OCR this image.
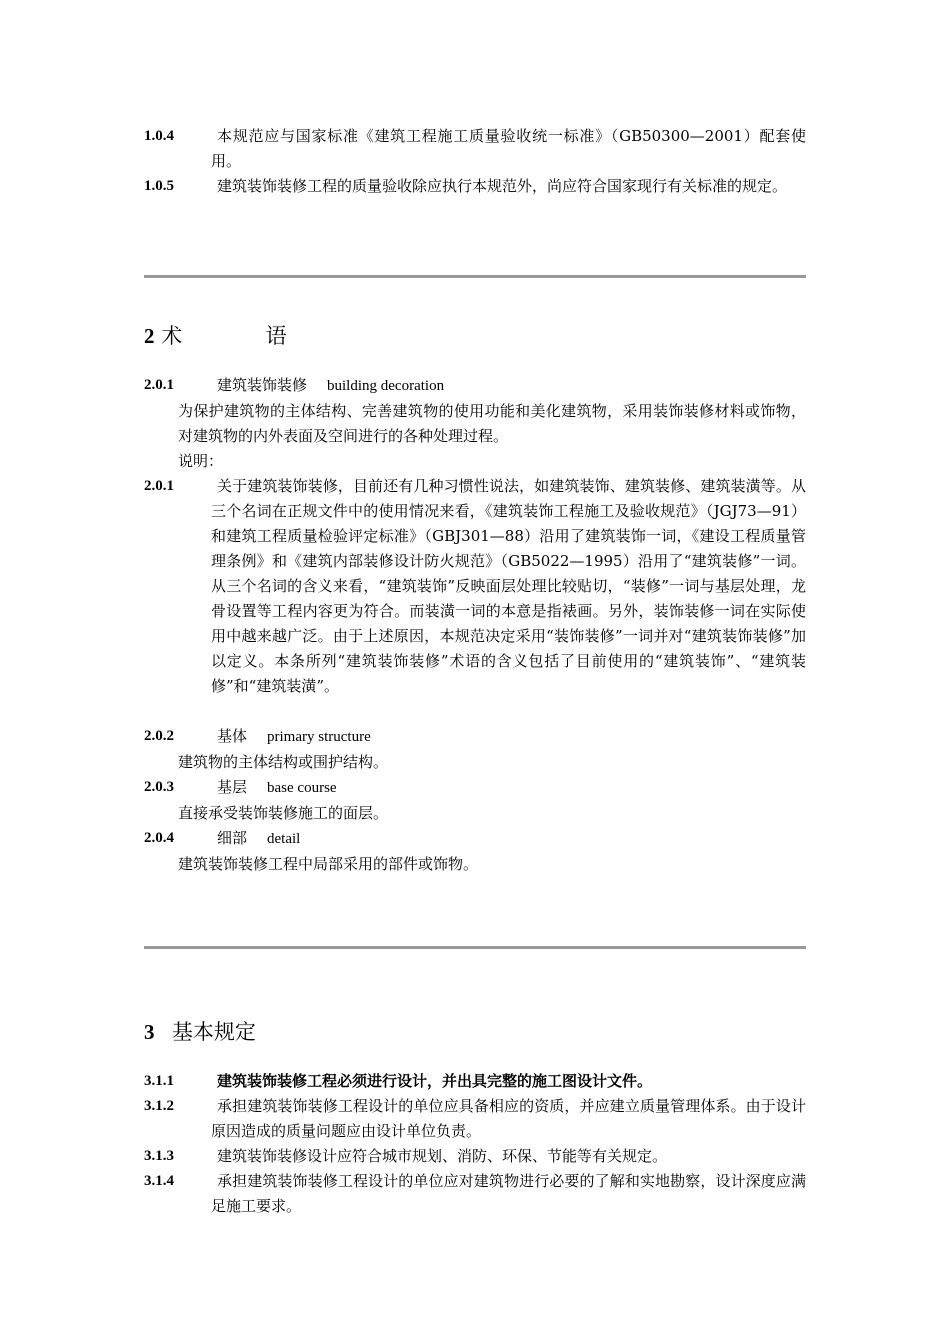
1.0.4	本规范应与国家标准《建筑工程施工质量验收统一标准》（GB50300—2001）配套使用。
1.0.5	建筑装饰装修工程的质量验收除应执行本规范外，尚应符合国家现行有关标准的规定。
2 术	语
2.0.1	建筑装饰装修 building decoration
为保护建筑物的主体结构、完善建筑物的使用功能和美化建筑物，采用装饰装修材料或饰物，对建筑物的内外表面及空间进行的各种处理过程。
说明：
2.0.1	关于建筑装饰装修，目前还有几种习惯性说法，如建筑装饰、建筑装修、建筑装潢等。从三个名词在正规文件中的使用情况来看，《建筑装饰工程施工及验收规范》（JGJ73—91）和建筑工程质量检验评定标准》（GBJ301—88）沿用了建筑装饰一词，《建设工程质量管理条例》和《建筑内部装修设计防火规范》（GB5022—1995）沿用了“建筑装修”一词。从三个名词的含义来看，“建筑装饰”反映面层处理比较贴切，“装修”一词与基层处理，龙骨设置等工程内容更为符合。而装潢一词的本意是指裱画。另外，装饰装修一词在实际使用中越来越广泛。由于上述原因，本规范决定采用“装饰装修”一词并对“建筑装饰装修”加以定义。本条所列“建筑装饰装修”术语的含义包括了目前使用的“建筑装饰”、“建筑装修”和“建筑装潢”。
2.0.2	基体 primary structure
建筑物的主体结构或围护结构。
2.0.3	基层 base course
直接承受装饰装修施工的面层。
2.0.4	细部 detail
建筑装饰装修工程中局部采用的部件或饰物。
3 基本规定
3.1.1	建筑装饰装修工程必须进行设计，并出具完整的施工图设计文件。
3.1.2	承担建筑装饰装修工程设计的单位应具备相应的资质，并应建立质量管理体系。由于设计原因造成的质量问题应由设计单位负责。
3.1.3	建筑装饰装修设计应符合城市规划、消防、环保、节能等有关规定。
3.1.4	承担建筑装饰装修工程设计的单位应对建筑物进行必要的了解和实地勘察，设计深度应满足施工要求。
